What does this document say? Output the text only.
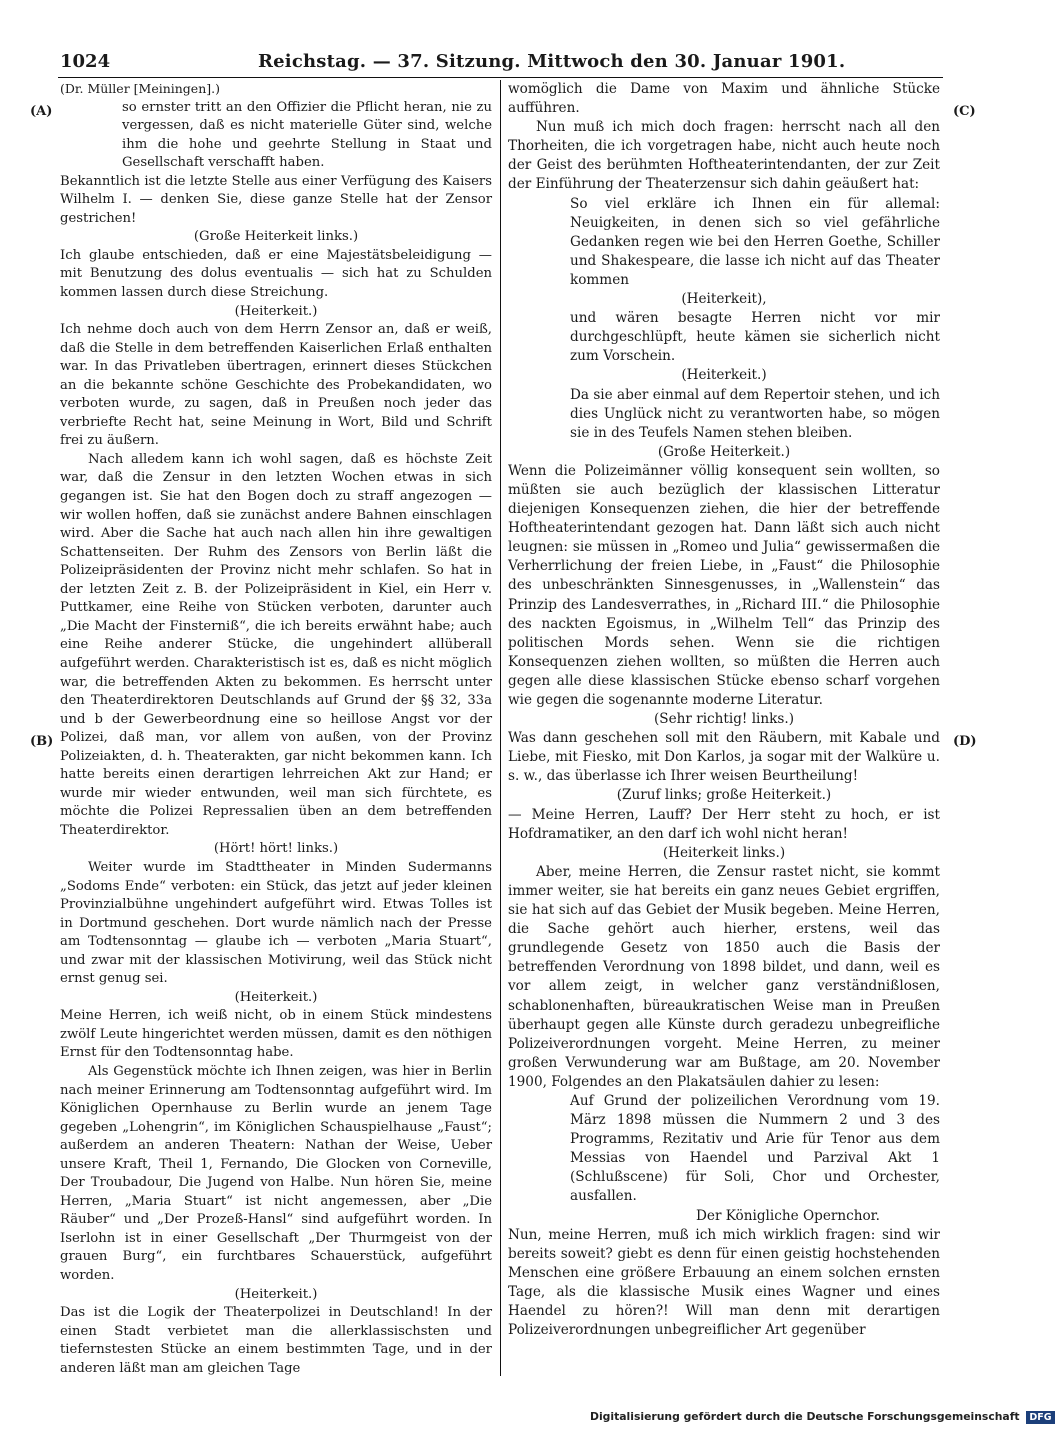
1024	Reichstag. — 37. Sitzung. Mittwoch den 30. Januar 1901.
(A)
(B)
(C)
(D)

(Dr. Müller [Meiningen].)

so ernster tritt an den Offizier die Pflicht heran, nie zu vergessen, daß es nicht materielle Güter sind, welche ihm die hohe und geehrte Stellung in Staat und Gesellschaft verschafft haben.

Bekanntlich ist die letzte Stelle aus einer Verfügung des Kaisers Wilhelm I. — denken Sie, diese ganze Stelle hat der Zensor gestrichen!

(Große Heiterkeit links.)

Ich glaube entschieden, daß er eine Majestätsbeleidigung — mit Benutzung des dolus eventualis — sich hat zu Schulden kommen lassen durch diese Streichung.

(Heiterkeit.)

Ich nehme doch auch von dem Herrn Zensor an, daß er weiß, daß die Stelle in dem betreffenden Kaiserlichen Erlaß enthalten war. In das Privatleben übertragen, erinnert dieses Stückchen an die bekannte schöne Geschichte des Probekandidaten, wo verboten wurde, zu sagen, daß in Preußen noch jeder das verbriefte Recht hat, seine Meinung in Wort, Bild und Schrift frei zu äußern.

Nach alledem kann ich wohl sagen, daß es höchste Zeit war, daß die Zensur in den letzten Wochen etwas in sich gegangen ist. Sie hat den Bogen doch zu straff angezogen — wir wollen hoffen, daß sie zunächst andere Bahnen einschlagen wird. Aber die Sache hat auch nach allen hin ihre gewaltigen Schattenseiten. Der Ruhm des Zensors von Berlin läßt die Polizeipräsidenten der Provinz nicht mehr schlafen. So hat in der letzten Zeit z. B. der Polizeipräsident in Kiel, ein Herr v. Puttkamer, eine Reihe von Stücken verboten, darunter auch „Die Macht der Finsterniß“, die ich bereits erwähnt habe; auch eine Reihe anderer Stücke, die ungehindert allüberall aufgeführt werden. Charakteristisch ist es, daß es nicht möglich war, die betreffenden Akten zu bekommen. Es herrscht unter den Theaterdirektoren Deutschlands auf Grund der §§ 32, 33a und b der Gewerbeordnung eine so heillose Angst vor der Polizei, daß man, vor allem von außen, von der Provinz Polizeiakten, d. h. Theaterakten, gar nicht bekommen kann. Ich hatte bereits einen derartigen lehrreichen Akt zur Hand; er wurde mir wieder entwunden, weil man sich fürchtete, es möchte die Polizei Repressalien üben an dem betreffenden Theaterdirektor.

(Hört! hört! links.)

Weiter wurde im Stadttheater in Minden Sudermanns „Sodoms Ende“ verboten: ein Stück, das jetzt auf jeder kleinen Provinzialbühne ungehindert aufgeführt wird. Etwas Tolles ist in Dortmund geschehen. Dort wurde nämlich nach der Presse am Todtensonntag — glaube ich — verboten „Maria Stuart“, und zwar mit der klassischen Motivirung, weil das Stück nicht ernst genug sei.

(Heiterkeit.)

Meine Herren, ich weiß nicht, ob in einem Stück mindestens zwölf Leute hingerichtet werden müssen, damit es den nöthigen Ernst für den Todtensonntag habe.

Als Gegenstück möchte ich Ihnen zeigen, was hier in Berlin nach meiner Erinnerung am Todtensonntag aufgeführt wird. Im Königlichen Opernhause zu Berlin wurde an jenem Tage gegeben „Lohengrin“, im Königlichen Schauspielhause „Faust“; außerdem an anderen Theatern: Nathan der Weise, Ueber unsere Kraft, Theil 1, Fernando, Die Glocken von Corneville, Der Troubadour, Die Jugend von Halbe. Nun hören Sie, meine Herren, „Maria Stuart“ ist nicht angemessen, aber „Die Räuber“ und „Der Prozeß-Hansl“ sind aufgeführt worden. In Iserlohn ist in einer Gesellschaft „Der Thurmgeist von der grauen Burg“, ein furchtbares Schauerstück, aufgeführt worden.

(Heiterkeit.)

Das ist die Logik der Theaterpolizei in Deutschland! In der einen Stadt verbietet man die allerklassischsten und tiefernstesten Stücke an einem bestimmten Tage, und in der anderen läßt man am gleichen Tage

womöglich die Dame von Maxim und ähnliche Stücke aufführen.

Nun muß ich mich doch fragen: herrscht nach all den Thorheiten, die ich vorgetragen habe, nicht auch heute noch der Geist des berühmten Hoftheaterintendanten, der zur Zeit der Einführung der Theaterzensur sich dahin geäußert hat:

So viel erkläre ich Ihnen ein für allemal: Neuigkeiten, in denen sich so viel gefährliche Gedanken regen wie bei den Herren Goethe, Schiller und Shakespeare, die lasse ich nicht auf das Theater kommen

(Heiterkeit),

und wären besagte Herren nicht vor mir durchgeschlüpft, heute kämen sie sicherlich nicht zum Vorschein.

(Heiterkeit.)

Da sie aber einmal auf dem Repertoir stehen, und ich dies Unglück nicht zu verantworten habe, so mögen sie in des Teufels Namen stehen bleiben.

(Große Heiterkeit.)

Wenn die Polizeimänner völlig konsequent sein wollten, so müßten sie auch bezüglich der klassischen Litteratur diejenigen Konsequenzen ziehen, die hier der betreffende Hoftheaterintendant gezogen hat. Dann läßt sich auch nicht leugnen: sie müssen in „Romeo und Julia“ gewissermaßen die Verherrlichung der freien Liebe, in „Faust“ die Philosophie des unbeschränkten Sinnesgenusses, in „Wallenstein“ das Prinzip des Landesverrathes, in „Richard III.“ die Philosophie des nackten Egoismus, in „Wilhelm Tell“ das Prinzip des politischen Mords sehen. Wenn sie die richtigen Konsequenzen ziehen wollten, so müßten die Herren auch gegen alle diese klassischen Stücke ebenso scharf vorgehen wie gegen die sogenannte moderne Literatur.

(Sehr richtig! links.)

Was dann geschehen soll mit den Räubern, mit Kabale und Liebe, mit Fiesko, mit Don Karlos, ja sogar mit der Walküre u. s. w., das überlasse ich Ihrer weisen Beurtheilung!

(Zuruf links; große Heiterkeit.)

— Meine Herren, Lauff? Der Herr steht zu hoch, er ist Hofdramatiker, an den darf ich wohl nicht heran!

(Heiterkeit links.)

Aber, meine Herren, die Zensur rastet nicht, sie kommt immer weiter, sie hat bereits ein ganz neues Gebiet ergriffen, sie hat sich auf das Gebiet der Musik begeben. Meine Herren, die Sache gehört auch hierher, erstens, weil das grundlegende Gesetz von 1850 auch die Basis der betreffenden Verordnung von 1898 bildet, und dann, weil es vor allem zeigt, in welcher ganz verständnißlosen, schablonenhaften, büreaukratischen Weise man in Preußen überhaupt gegen alle Künste durch geradezu unbegreifliche Polizeiverordnungen vorgeht. Meine Herren, zu meiner großen Verwunderung war am Bußtage, am 20. November 1900, Folgendes an den Plakatsäulen dahier zu lesen:

Auf Grund der polizeilichen Verordnung vom 19. März 1898 müssen die Nummern 2 und 3 des Programms, Rezitativ und Arie für Tenor aus dem Messias von Haendel und Parzival Akt 1 (Schlußscene) für Soli, Chor und Orchester, ausfallen.

Der Königliche Opernchor.

Nun, meine Herren, muß ich mich wirklich fragen: sind wir bereits soweit? giebt es denn für einen geistig hochstehenden Menschen eine größere Erbauung an einem solchen ernsten Tage, als die klassische Musik eines Wagner und eines Haendel zu hören?! Will man denn mit derartigen Polizeiverordnungen unbegreiflicher Art gegenüber

Digitalisierung gefördert durch die Deutsche Forschungsgemeinschaft DFG
